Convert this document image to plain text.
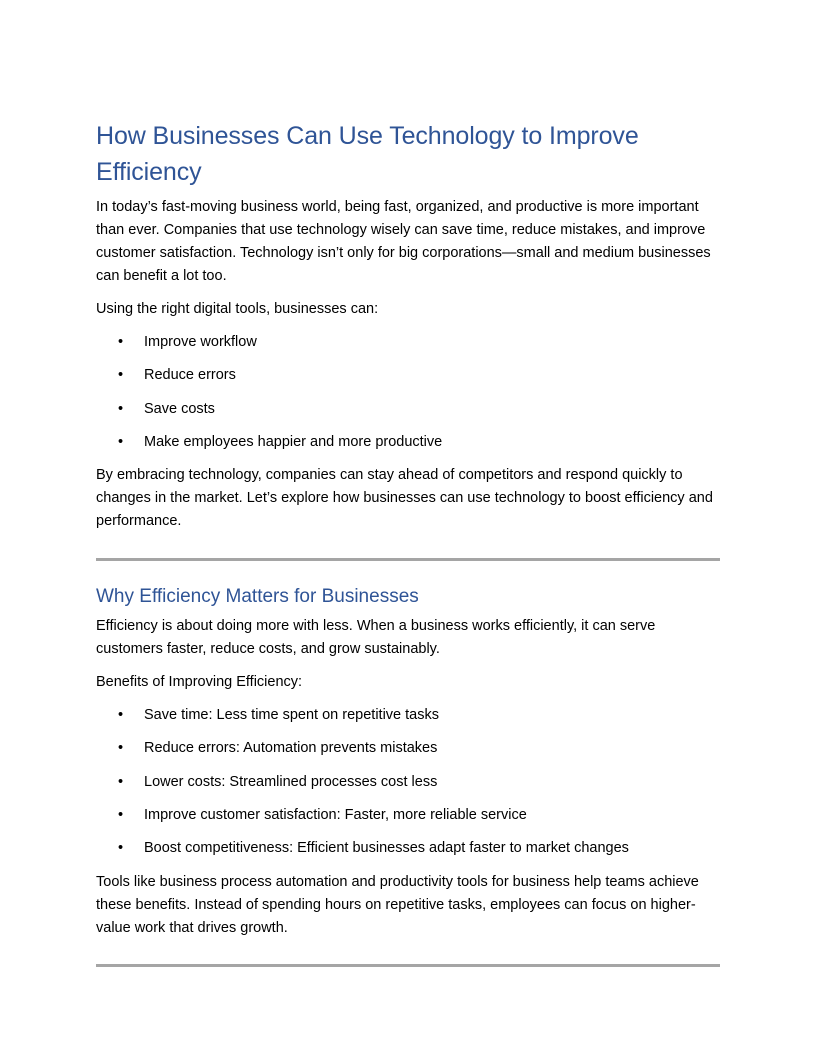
How Businesses Can Use Technology to Improve Efficiency

In today’s fast-moving business world, being fast, organized, and productive is more important than ever. Companies that use technology wisely can save time, reduce mistakes, and improve customer satisfaction. Technology isn’t only for big corporations—small and medium businesses can benefit a lot too.

Using the right digital tools, businesses can:

• Improve workflow
• Reduce errors
• Save costs
• Make employees happier and more productive

By embracing technology, companies can stay ahead of competitors and respond quickly to changes in the market. Let’s explore how businesses can use technology to boost efficiency and performance.

Why Efficiency Matters for Businesses

Efficiency is about doing more with less. When a business works efficiently, it can serve customers faster, reduce costs, and grow sustainably.

Benefits of Improving Efficiency:

• Save time: Less time spent on repetitive tasks
• Reduce errors: Automation prevents mistakes
• Lower costs: Streamlined processes cost less
• Improve customer satisfaction: Faster, more reliable service
• Boost competitiveness: Efficient businesses adapt faster to market changes

Tools like business process automation and productivity tools for business help teams achieve these benefits. Instead of spending hours on repetitive tasks, employees can focus on higher-value work that drives growth.
